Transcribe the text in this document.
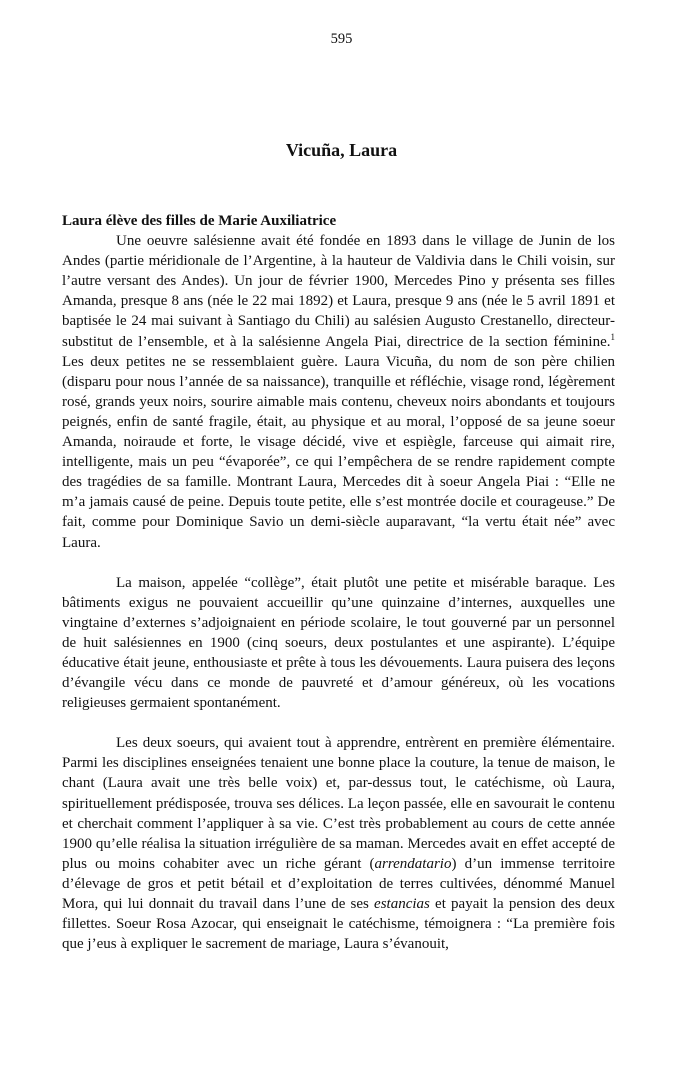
595
Vicuña, Laura

Laura élève des filles de Marie Auxiliatrice

Une oeuvre salésienne avait été fondée en 1893 dans le village de Junin de los Andes (partie méridionale de l’Argentine, à la hauteur de Valdivia dans le Chili voisin, sur l’autre versant des Andes). Un jour de février 1900, Mercedes Pino y présenta ses filles Amanda, presque 8 ans (née le 22 mai 1892) et Laura, presque 9 ans (née le 5 avril 1891 et baptisée le 24 mai suivant à Santiago du Chili) au salésien Augusto Crestanello, directeur-substitut de l’ensemble, et à la salésienne Angela Piai, directrice de la section féminine.$^1$ Les deux petites ne se ressemblaient guère. Laura Vicuña, du nom de son père chilien (disparu pour nous l’année de sa naissance), tranquille et réfléchie, visage rond, légèrement rosé, grands yeux noirs, sourire aimable mais contenu, cheveux noirs abondants et toujours peignés, enfin de santé fragile, était, au physique et au moral, l’opposé de sa jeune soeur Amanda, noiraude et forte, le visage décidé, vive et espiègle, farceuse qui aimait rire, intelligente, mais un peu “évaporée”, ce qui l’empêchera de se rendre rapidement compte des tragédies de sa famille. Montrant Laura, Mercedes dit à soeur Angela Piai : “Elle ne m’a jamais causé de peine. Depuis toute petite, elle s’est montrée docile et courageuse.” De fait, comme pour Dominique Savio un demi-siècle auparavant, “la vertu était née” avec Laura.

La maison, appelée “collège”, était plutôt une petite et misérable baraque. Les bâtiments exigus ne pouvaient accueillir qu’une quinzaine d’internes, auxquelles une vingtaine d’externes s’adjoignaient en période scolaire, le tout gouverné par un personnel de huit salésiennes en 1900 (cinq soeurs, deux postulantes et une aspirante). L’équipe éducative était jeune, enthousiaste et prête à tous les dévouements. Laura puisera des leçons d’évangile vécu dans ce monde de pauvreté et d’amour généreux, où les vocations religieuses germaient spontanément.

Les deux soeurs, qui avaient tout à apprendre, entrèrent en première élémentaire. Parmi les disciplines enseignées tenaient une bonne place la couture, la tenue de maison, le chant (Laura avait une très belle voix) et, par-dessus tout, le catéchisme, où Laura, spirituellement prédisposée, trouva ses délices. La leçon passée, elle en savourait le contenu et cherchait comment l’appliquer à sa vie. C’est très probablement au cours de cette année 1900 qu’elle réalisa la situation irrégulière de sa maman. Mercedes avait en effet accepté de plus ou moins cohabiter avec un riche gérant (arrendatario) d’un immense territoire d’élevage de gros et petit bétail et d’exploitation de terres cultivées, dénommé Manuel Mora, qui lui donnait du travail dans l’une de ses estancias et payait la pension des deux fillettes. Soeur Rosa Azocar, qui enseignait le catéchisme, témoignera : “La première fois que j’eus à expliquer le sacrement de mariage, Laura s’évanouit,
